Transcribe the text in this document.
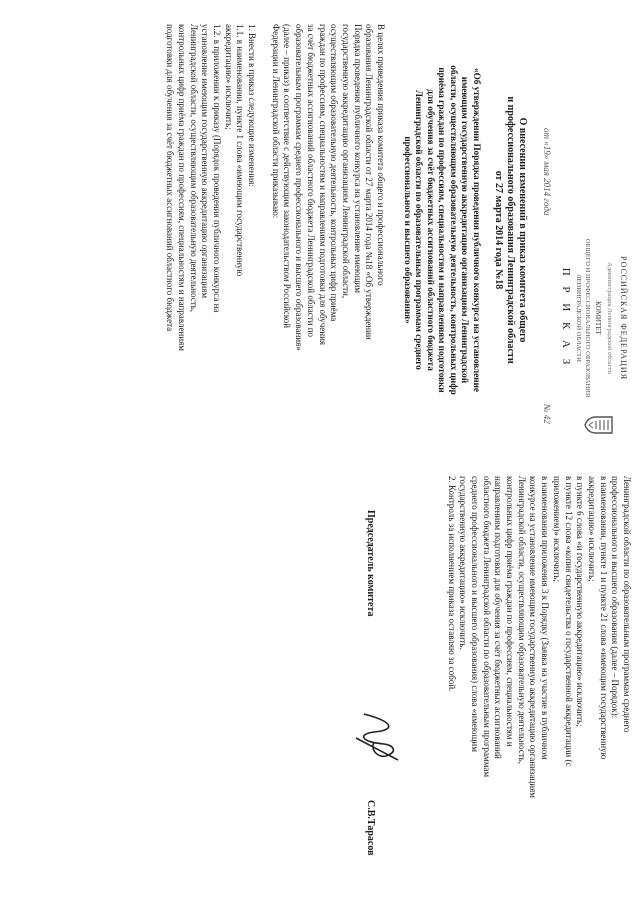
РОССИЙСКАЯ ФЕДЕРАЦИЯ
Администрация Ленинградской области
КОМИТЕТ
ОБЩЕГО И ПРОФЕССИОНАЛЬНОГО ОБРАЗОВАНИЯ ЛЕНИНГРАДСКОЙ ОБЛАСТИ
П Р И К А З
от «19» мая 2014 года
№ 42
О внесении изменений в приказ комитета общего
и профессионального образования Ленинградской области
от 27 марта 2014 года №18
«Об утверждении Порядка проведения публичного конкурса на установление
имеющим государственную аккредитацию организациям Ленинградской
области, осуществляющим образовательную деятельность, контрольных цифр
приёма граждан по профессиям, специальностям и направлениям подготовки
для обучения за счёт бюджетных ассигнований областного бюджета
Ленинградской области по образовательным программам среднего
профессионального и высшего образования»
В целях приведения приказа комитета общего и профессионального
образования Ленинградской области от 27 марта 2014 года №18 «Об утверждении
Порядка проведения публичного конкурса на установление имеющим
государственную аккредитацию организациям Ленинградской области,
осуществляющим образовательную деятельность, контрольных цифр приёма
граждан по профессиям, специальностям и направлениям подготовки для обучения
за счёт бюджетных ассигнований областного бюджета Ленинградской области по
образовательным программам среднего профессионального и высшего образования»
(далее – приказ) в соответствие с действующим законодательством Российской
Федерации и Ленинградской области приказываю:
1. Внести в приказ следующие изменения:
1.1. в наименовании, пункте 1 слова «имеющим государственную
аккредитацию» исключить;
1.2. в приложении к приказу (Порядок проведения публичного конкурса на
установление имеющим государственную аккредитацию организациям
Ленинградской области, осуществляющим образовательную деятельность,
контрольных цифр приёма граждан по профессиям, специальностям и направлениям
подготовки для обучения за счёт бюджетных ассигнований областного бюджета
Ленинградской области по образовательным программам среднего
профессионального и высшего образования (далее – Порядок):
в наименовании, пункте 1 и пункте 21 слова «имеющим государственную
аккредитацию» исключить;
в пункте 6 слова «и государственную аккредитацию» исключить;
в пункте 12 слова «копия свидетельства о государственной аккредитации (с
приложением)» исключить;
в наименовании приложения 3 к Порядку (Заявка на участие в публичном
конкурсе на установление имеющим государственную аккредитацию организациям
Ленинградской области, осуществляющим образовательную деятельность,
контрольных цифр приёма граждан по профессиям, специальностям и
направлениям подготовки для обучения за счёт бюджетных ассигнований
областного бюджета Ленинградской области по образовательным программам
среднего профессионального и высшего образования) слова «имеющим
государственную аккредитацию» исключить.
2. Контроль за исполнением приказа оставляю за собой.
Председатель комитета
С.В.Тарасов
